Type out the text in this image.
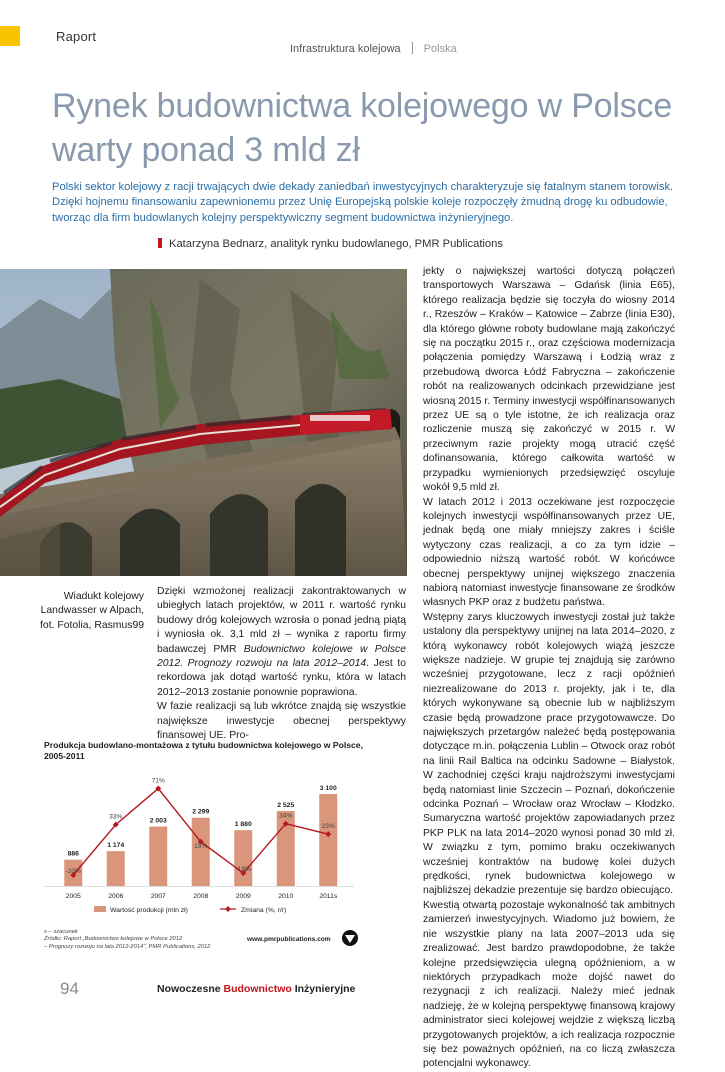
Raport
Infrastruktura kolejowa Polska
Rynek budownictwa kolejowego w Polsce
warty ponad 3 mld zł

Polski sektor kolejowy z racji trwających dwie dekady zaniedbań inwestycyjnych charakteryzuje się fatalnym stanem torowisk. Dzięki hojnemu finansowaniu zapewnionemu przez Unię Europejską polskie koleje rozpoczęły żmudną drogę ku odbudowie, tworząc dla firm budowlanych kolejny perspektywiczny segment budownictwa inżynieryjnego.

Katarzyna Bednarz, analityk rynku budowlanego, PMR Publications

Wiadukt kolejowy Landwasser w Alpach, fot. Fotolia, Rasmus99

Dzięki wzmożonej realizacji zakontraktowanych w ubiegłych latach projektów, w 2011 r. wartość rynku budowy dróg kolejowych wzrosła o ponad jedną piątą i wyniosła ok. 3,1 mld zł – wynika z raportu firmy badawczej PMR Budownictwo kolejowe w Polsce 2012. Prognozy rozwoju na lata 2012–2014. Jest to rekordowa jak dotąd wartość rynku, która w latach 2012–2013 zostanie ponownie poprawiona.

W fazie realizacji są lub wkrótce znajdą się wszystkie największe inwestycje obecnej perspektywy finansowej UE. Pro-

jekty o największej wartości dotyczą połączeń transportowych Warszawa – Gdańsk (linia E65), którego realizacja będzie się toczyła do wiosny 2014 r., Rzeszów – Kraków – Katowice – Zabrze (linia E30), dla którego główne roboty budowlane mają zakończyć się na początku 2015 r., oraz częściowa modernizacja połączenia pomiędzy Warszawą i Łodzią wraz z przebudową dworca Łódź Fabryczna – zakończenie robót na realizowanych odcinkach przewidziane jest wiosną 2015 r. Terminy inwestycji współfinansowanych przez UE są o tyle istotne, że ich realizacja oraz rozliczenie muszą się zakończyć w 2015 r. W przeciwnym razie projekty mogą utracić część dofinansowania, którego całkowita wartość w przypadku wymienionych przedsięwzięć oscyluje wokół 9,5 mld zł.

W latach 2012 i 2013 oczekiwane jest rozpoczęcie kolejnych inwestycji współfinansowanych przez UE, jednak będą one miały mniejszy zakres i ściśle wytyczony czas realizacji, a co za tym idzie – odpowiednio niższą wartość robót. W końcówce obecnej perspektywy unijnej większego znaczenia nabiorą natomiast inwestycje finansowane ze środków własnych PKP oraz z budżetu państwa.

Wstępny zarys kluczowych inwestycji został już także ustalony dla perspektywy unijnej na lata 2014–2020, z którą wykonawcy robót kolejowych wiążą jeszcze większe nadzieje. W grupie tej znajdują się zarówno wcześniej przygotowane, lecz z racji opóźnień niezrealizowane do 2013 r. projekty, jak i te, dla których wykonywane są obecnie lub w najbliższym czasie będą prowadzone prace przygotowawcze. Do największych przetargów należeć będą postępowania dotyczące m.in. połączenia Lublin – Otwock oraz robót na linii Rail Baltica na odcinku Sadowne – Białystok. W zachodniej części kraju najdroższymi inwestycjami będą natomiast linie Szczecin – Poznań, dokończenie odcinka Poznań – Wrocław oraz Wrocław – Kłodzko. Sumaryczna wartość projektów zapowiadanych przez PKP PLK na lata 2014–2020 wynosi ponad 30 mld zł. W związku z tym, pomimo braku oczekiwanych wcześniej kontraktów na budowę kolei dużych prędkości, rynek budownictwa kolejowego w najbliższej dekadzie prezentuje się bardzo obiecująco.

Kwestią otwartą pozostaje wykonalność tak ambitnych zamierzeń inwestycyjnych. Wiadomo już bowiem, że nie wszystkie plany na lata 2007–2013 uda się zrealizować. Jest bardzo prawdopodobne, że także kolejne przedsięwzięcia ulegną opóźnieniom, a w niektórych przypadkach może dojść nawet do rezygnacji z ich realizacji. Należy mieć jednak nadzieję, że w kolejną perspektywę finansową krajowy administrator sieci kolejowej wejdzie z większą liczbą przygotowanych projektów, a ich realizacja rozpocznie się bez poważnych opóźnień, na co liczą zwłaszcza potencjalni wykonawcy.

Produkcja budowlano-montażowa z tytułu budownictwa kolejowego w Polsce, 2005-2011
886
2005
1 174
2006
2 003
2007
2 299
2008
1 880
2009
2 525
2010
3 100
2011s
-20%
33%
71%
15%
-18%
34%
23%
Wartość produkcji (mln zł)	Zmiana (%, r/r)
s – szacunek
Źródło: Raport „Budownictwo kolejowe w Polsce 2012
– Prognozy rozwoju na lata 2012-2014", PMR Publications, 2012
www.pmrpublications.com
94	Nowoczesne Budownictwo Inżynieryjne
